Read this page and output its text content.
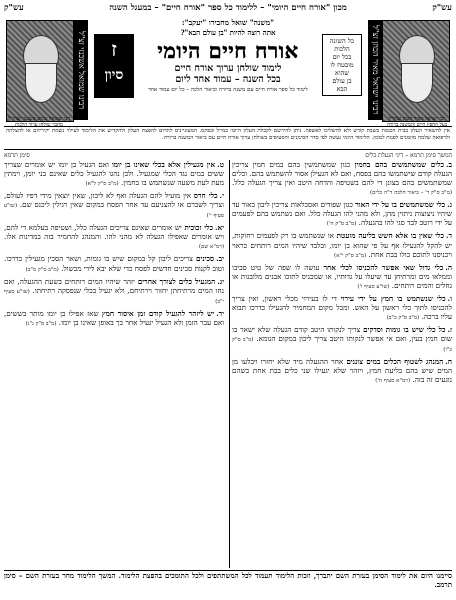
עש"ק
מכון "אורח חיים היומי" – ללימוד כל ספר "אורח חיים" – במעגל השנה
עש"ק
רבינו ישראל מאיר הכהן זצ"ל
רבי ישראל מאיר הכהן זצוק"ל בעל החפץ חיים והמשנה ברורה
רבינו שמואל אשכנזי זצ"ל
רבי שמואל שלום אשכנזי זצוק"ל מחבר שולחן ערוך הלכות
כל השונה
הלכות
בכל יום
מובטח לו
שהוא
בן עולם
הבא
ז
סיון
"משנה" שואל מחבירו "יעקב":
אתה רוצה להיות "בן עולם הבא"?
אורח חיים היומי
לימוד שולחן ערוך אורח חיים
בכל השנה – עמוד אחד ליום
לימוד כל ספר אורח חיים עם משנה ברורה וביאור הלכה – כל יום עמוד אחד
אין להשאיר העלון בבית הכנסת בשבת קודש ולא להשליכו לאשפה. ניתן להירשם לקבלת העלון היומי במייל ובפקס. המעוניינים לתרום להפצת העלון ולהקדיש את הלימוד לעילוי נשמת יקיריהם או להצלחה ולרפואה שלמה מוזמנים לפנות למכון. הלימוד היומי נעשה לפי סדר הסימנים והסעיפים בשולחן ערוך אורח חיים עם ביאור המשנה ברורה.
המשך סימן תרמא – דיני הנעלת כלים
סימן תרמא
ב.כלים שמשתמשים בהם בחמין כגון שמשתמשין בהם במים חמין צריכין הגעלה קודם שישתמשו בהם בפסח, ואם לא הגעילן אסור להשתמש בהם. וכלים שמשתמשים בהם בצונן די להם בשטיפה והדחה היטב ואין צריך הגעלה כלל. (מ"ב ס"ק ד' – ביאור הלכה ד"ה כלים)
ג.כלי שמשתמשים בו על ידי האור כגון שפודים ואסכלאות צריכין ליבון באור עד שיהיו ניצוצות ניתזין מהן, ולא מהני להו הגעלה כלל. ואם נשתמש בהם לפעמים על ידי רוטב לבד סגי להו בהגעלה. (מ"ב ס"ק ח')
ד.כלי שאין בו אלא חשש בליעה מועטת או שנשתמש בו רק לפעמים רחוקות, יש להקל להגעילו אף על פי שהוא בן יומו, ובלבד שיהיו המים רותחים כראוי ויכניסנו לתוכם כולו בבת אחת. (מ"ב ס"ק י"א)
ה.כלי גדול שאי אפשר להכניסו לכלי אחר עושה לו שפה של טיט סביבו וממלאו מים ומרתיחן עד שיעלו על גדותיו, או שמכניס לתוכו אבנים מלובנות או גחלים והמים רותחים. (שו"ע סעיף ו')
ו.כלי שנשתמש בו חמץ על ידי עירוי די לו בעירוי מכלי ראשון, ואין צריך להכניסו לתוך כלי ראשון על האש. ומכל מקום המחמיר להגעילו כדרכו תבוא עליו ברכה. (מ"ב ס"ק כ"ב)
ז.כל כלי שיש בו גומות וסדקים צריך לנקותו היטב קודם הגעלה שלא ישאר בו שום חמץ בעין, ואם אי אפשר לנקותו היטב צריך ליבון במקום הגומא. (מ"ב ס"ק כ"ו)
ח.המנהג לשטוף הכלים במים צוננים אחר ההגעלה מיד שלא יחזרו ויבלעו מן המים שיש בהם בליעת חמץ, ויזהר שלא יגעילו שני כלים בבת אחת כשהם נוגעים זה בזה. (רמ"א סעיף ח')
ט.אין מגעילין אלא בכלי שאינו בן יומו ואם הגעיל בן יומו יש אומרים שצריך ששים במים נגד הכלי שמגעיל. ולכן נהגו להגעיל כלים שאינם בני יומן, וימתין מעת לעת משעה שנשתמש בו בחמין. (מ"ב ס"ק ל"א)
י.כלי חרס אין מועיל להם הגעלה ואף לא ליבון, שאין יוצאין מידי דפיו לעולם, וצריך לשברם או להצניעם עד אחר הפסח במקום שאין רגילין ליכנס שם. (שו"ע סעיף י')
יא.כלי זכוכית יש אומרים שאינם צריכים הגעלה כלל, ושטיפה בעלמא די להם, ויש אומרים שאפילו הגעלה לא מהני להו. והמנהג להחמיר בזה במדינות אלו. (רמ"א שם)
יב.סכינים צריכים ליבון קל במקום שיש בו גומות, ושאר הסכין מגעילין כדרכו. וטוב לקנות סכינים חדשים לפסח כדי שלא יבא לידי מכשול. (מ"ב ס"ק מ"ב)
יג.המגעיל כלים לצורך אחרים יזהר שיהיו המים רותחים בשעת ההגעלה, ואם נחו המים מרתיחתן יחזור וירתיחם, ולא יגעיל בכלי שנפסקה רתיחתו. (שו"ע סעיף י"ב)
יד.יש ליזהר להגעיל קודם זמן איסור חמץ שאז אפילו בן יומו מותר בששים, ואם עבר הזמן ולא הגעיל יגעיל אחר כך באופן שאינו בן יומו. (מ"ב ס"ק נ"ג)
סיימנו היום את לימוד הסימן בעזרת השם יתברך, וזכות הלימוד תעמוד לכל המשתתפים ולכל התומכים בהפצת הלימוד. המשך הלימוד מחר בעזרת השם – סימן תרמב.
